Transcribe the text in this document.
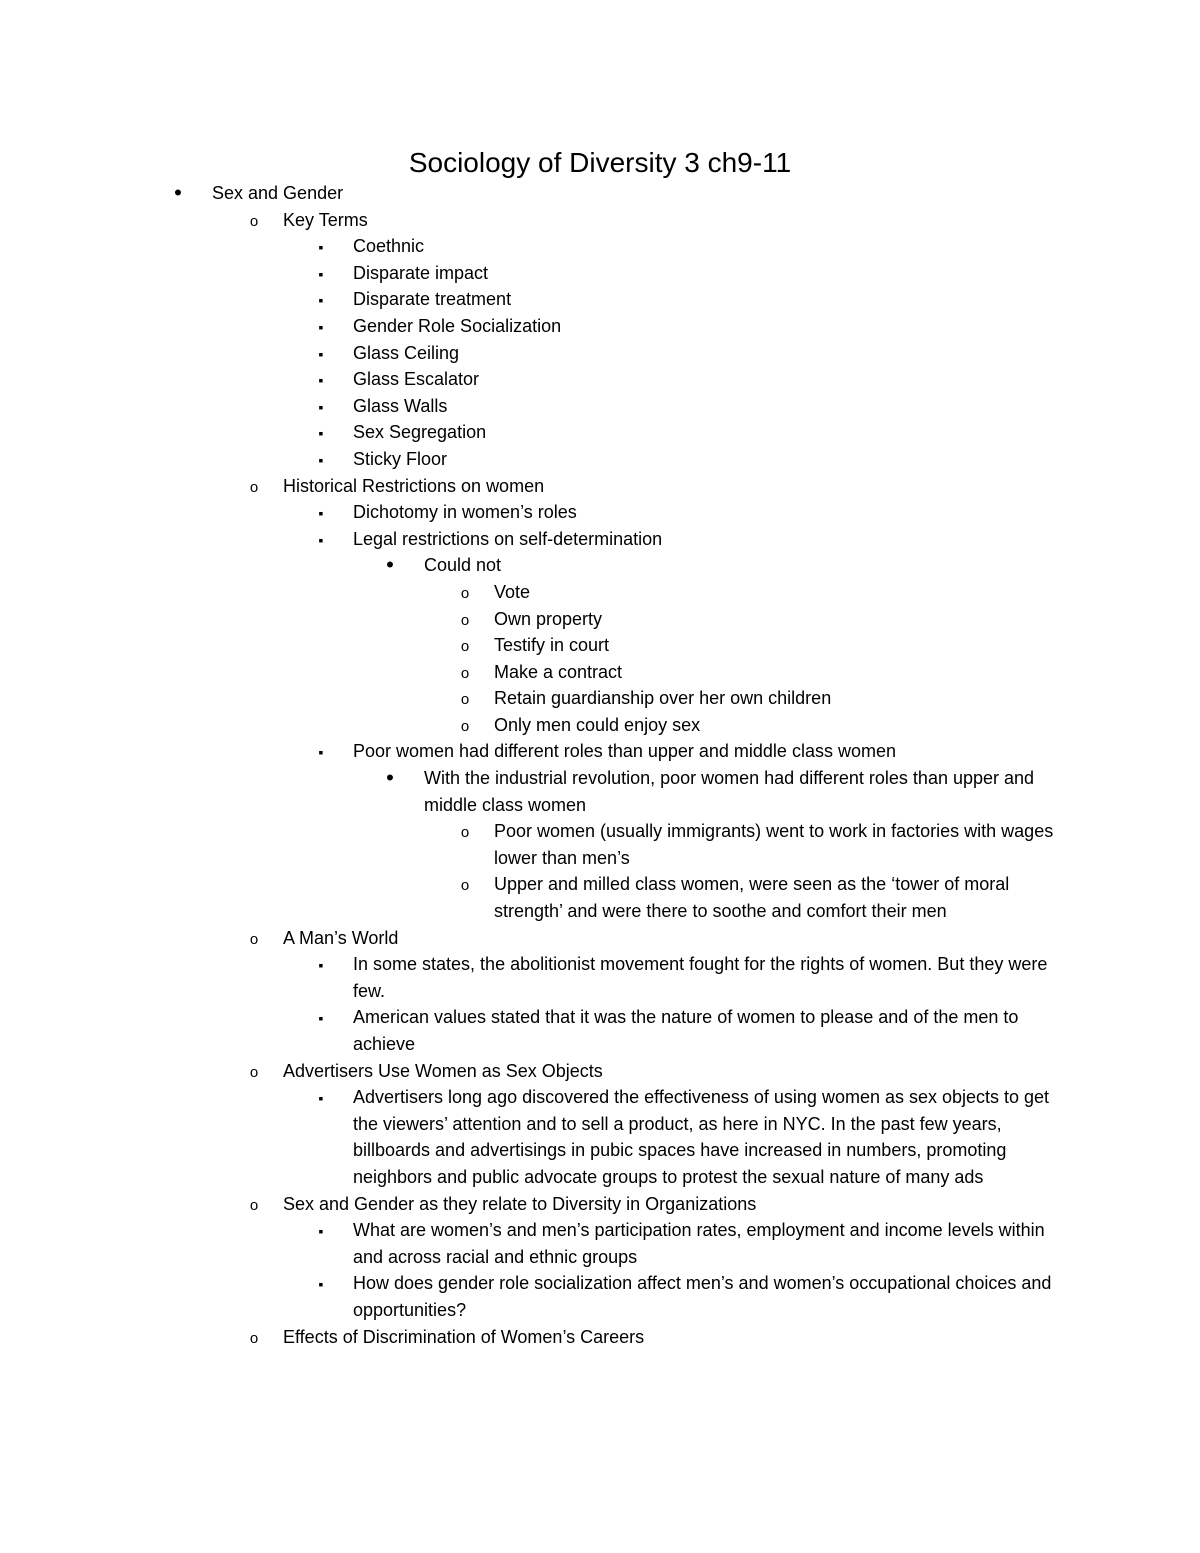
Sociology of Diversity 3 ch9-11
•
Sex and Gender
o
Key Terms
▪
Coethnic
▪
Disparate impact
▪
Disparate treatment
▪
Gender Role Socialization
▪
Glass Ceiling
▪
Glass Escalator
▪
Glass Walls
▪
Sex Segregation
▪
Sticky Floor
o
Historical Restrictions on women
▪
Dichotomy in women’s roles
▪
Legal restrictions on self-determination
•
Could not
o
Vote
o
Own property
o
Testify in court
o
Make a contract
o
Retain guardianship over her own children
o
Only men could enjoy sex
▪
Poor women had different roles than upper and middle class women
•
With the industrial revolution, poor women had different roles than upper and middle class women
o
Poor women (usually immigrants) went to work in factories with wages lower than men’s
o
Upper and milled class women, were seen as the ‘tower of moral strength’ and were there to soothe and comfort their men
o
A Man’s World
▪
In some states, the abolitionist movement fought for the rights of women. But they were few.
▪
American values stated that it was the nature of women to please and of the men to achieve
o
Advertisers Use Women as Sex Objects
▪
Advertisers long ago discovered the effectiveness of using women as sex objects to get the viewers’ attention and to sell a product, as here in NYC. In the past few years, billboards and advertisings in pubic spaces have increased in numbers, promoting neighbors and public advocate groups to protest the sexual nature of many ads
o
Sex and Gender as they relate to Diversity in Organizations
▪
What are women’s and men’s participation rates, employment and income levels within and across racial and ethnic groups
▪
How does gender role socialization affect men’s and women’s occupational choices and opportunities?
o
Effects of Discrimination of Women’s Careers
